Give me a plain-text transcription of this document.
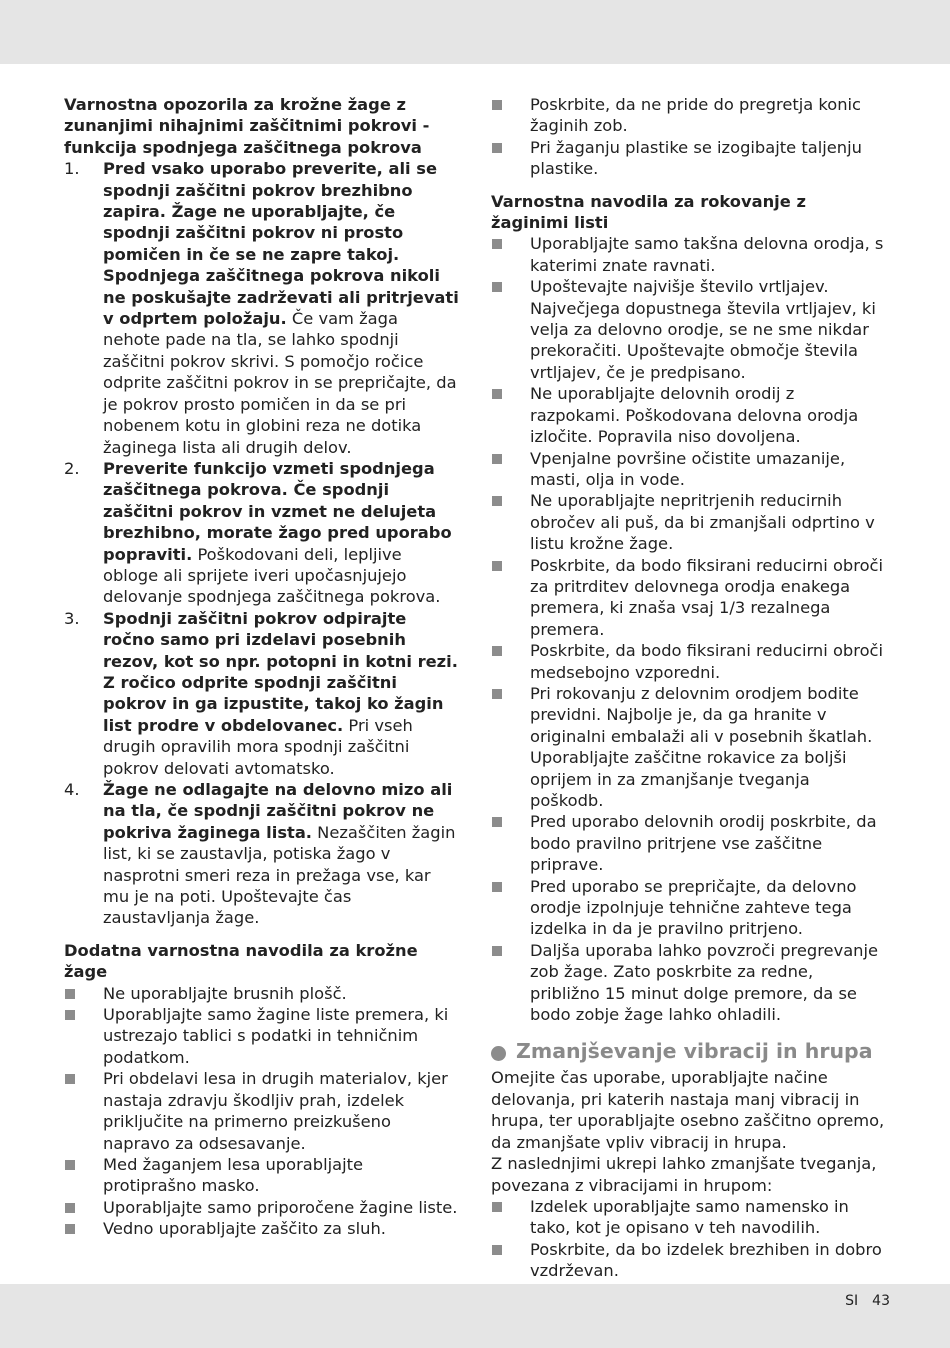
Varnostna opozorila za krožne žage z zunanjimi nihajnimi zaščitnimi pokrovi - funkcija spodnjega zaščitnega pokrova
1. Pred vsako uporabo preverite, ali se spodnji zaščitni pokrov brezhibno zapira. Žage ne uporabljajte, če spodnji zaščitni pokrov ni prosto pomičen in če se ne zapre takoj. Spodnjega zaščitnega pokrova nikoli ne poskušajte zadrževati ali pritrjevati v odprtem položaju. Če vam žaga nehote pade na tla, se lahko spodnji zaščitni pokrov skrivi. S pomočjo ročice odprite zaščitni pokrov in se prepričajte, da je pokrov prosto pomičen in da se pri nobenem kotu in globini reza ne dotika žaginega lista ali drugih delov.
2. Preverite funkcijo vzmeti spodnjega zaščitnega pokrova. Če spodnji zaščitni pokrov in vzmet ne delujeta brezhibno, morate žago pred uporabo popraviti. Poškodovani deli, lepljive obloge ali sprijete iveri upočasnjujejo delovanje spodnjega zaščitnega pokrova.
3. Spodnji zaščitni pokrov odpirajte ročno samo pri izdelavi posebnih rezov, kot so npr. potopni in kotni rezi. Z ročico odprite spodnji zaščitni pokrov in ga izpustite, takoj ko žagin list prodre v obdelovanec. Pri vseh drugih opravilih mora spodnji zaščitni pokrov delovati avtomatsko.
4. Žage ne odlagajte na delovno mizo ali na tla, če spodnji zaščitni pokrov ne pokriva žaginega lista. Nezaščiten žagin list, ki se zaustavlja, potiska žago v nasprotni smeri reza in prežaga vse, kar mu je na poti. Upoštevajte čas zaustavljanja žage.
Dodatna varnostna navodila za krožne žage
Ne uporabljajte brusnih plošč.
Uporabljajte samo žagine liste premera, ki ustrezajo tablici s podatki in tehničnim podatkom.
Pri obdelavi lesa in drugih materialov, kjer nastaja zdravju škodljiv prah, izdelek priključite na primerno preizkušeno napravo za odsesavanje.
Med žaganjem lesa uporabljajte protiprašno masko.
Uporabljajte samo priporočene žagine liste.
Vedno uporabljajte zaščito za sluh.
Poskrbite, da ne pride do pregretja konic žaginih zob.
Pri žaganju plastike se izogibajte taljenju plastike.
Varnostna navodila za rokovanje z žaginimi listi
Uporabljajte samo takšna delovna orodja, s katerimi znate ravnati.
Upoštevajte najvišje število vrtljajev. Največjega dopustnega števila vrtljajev, ki velja za delovno orodje, se ne sme nikdar prekoračiti. Upoštevajte območje števila vrtljajev, če je predpisano.
Ne uporabljajte delovnih orodij z razpokami. Poškodovana delovna orodja izločite. Popravila niso dovoljena.
Vpenjalne površine očistite umazanije, masti, olja in vode.
Ne uporabljajte nepritrjenih reducirnih obročev ali puš, da bi zmanjšali odprtino v listu krožne žage.
Poskrbite, da bodo fiksirani reducirni obroči za pritrditev delovnega orodja enakega premera, ki znaša vsaj 1/3 rezalnega premera.
Poskrbite, da bodo fiksirani reducirni obroči medsebojno vzporedni.
Pri rokovanju z delovnim orodjem bodite previdni. Najbolje je, da ga hranite v originalni embalaži ali v posebnih škatlah. Uporabljajte zaščitne rokavice za boljši oprijem in za zmanjšanje tveganja poškodb.
Pred uporabo delovnih orodij poskrbite, da bodo pravilno pritrjene vse zaščitne priprave.
Pred uporabo se prepričajte, da delovno orodje izpolnjuje tehnične zahteve tega izdelka in da je pravilno pritrjeno.
Daljša uporaba lahko povzroči pregrevanje zob žage. Zato poskrbite za redne, približno 15 minut dolge premore, da se bodo zobje žage lahko ohladili.
Zmanjševanje vibracij in hrupa

Omejite čas uporabe, uporabljajte načine delovanja, pri katerih nastaja manj vibracij in hrupa, ter uporabljajte osebno zaščitno opremo, da zmanjšate vpliv vibracij in hrupa.

Z naslednjimi ukrepi lahko zmanjšate tveganja, povezana z vibracijami in hrupom:

Izdelek uporabljajte samo namensko in tako, kot je opisano v teh navodilih.
Poskrbite, da bo izdelek brezhiben in dobro vzdrževan.
SI 43
